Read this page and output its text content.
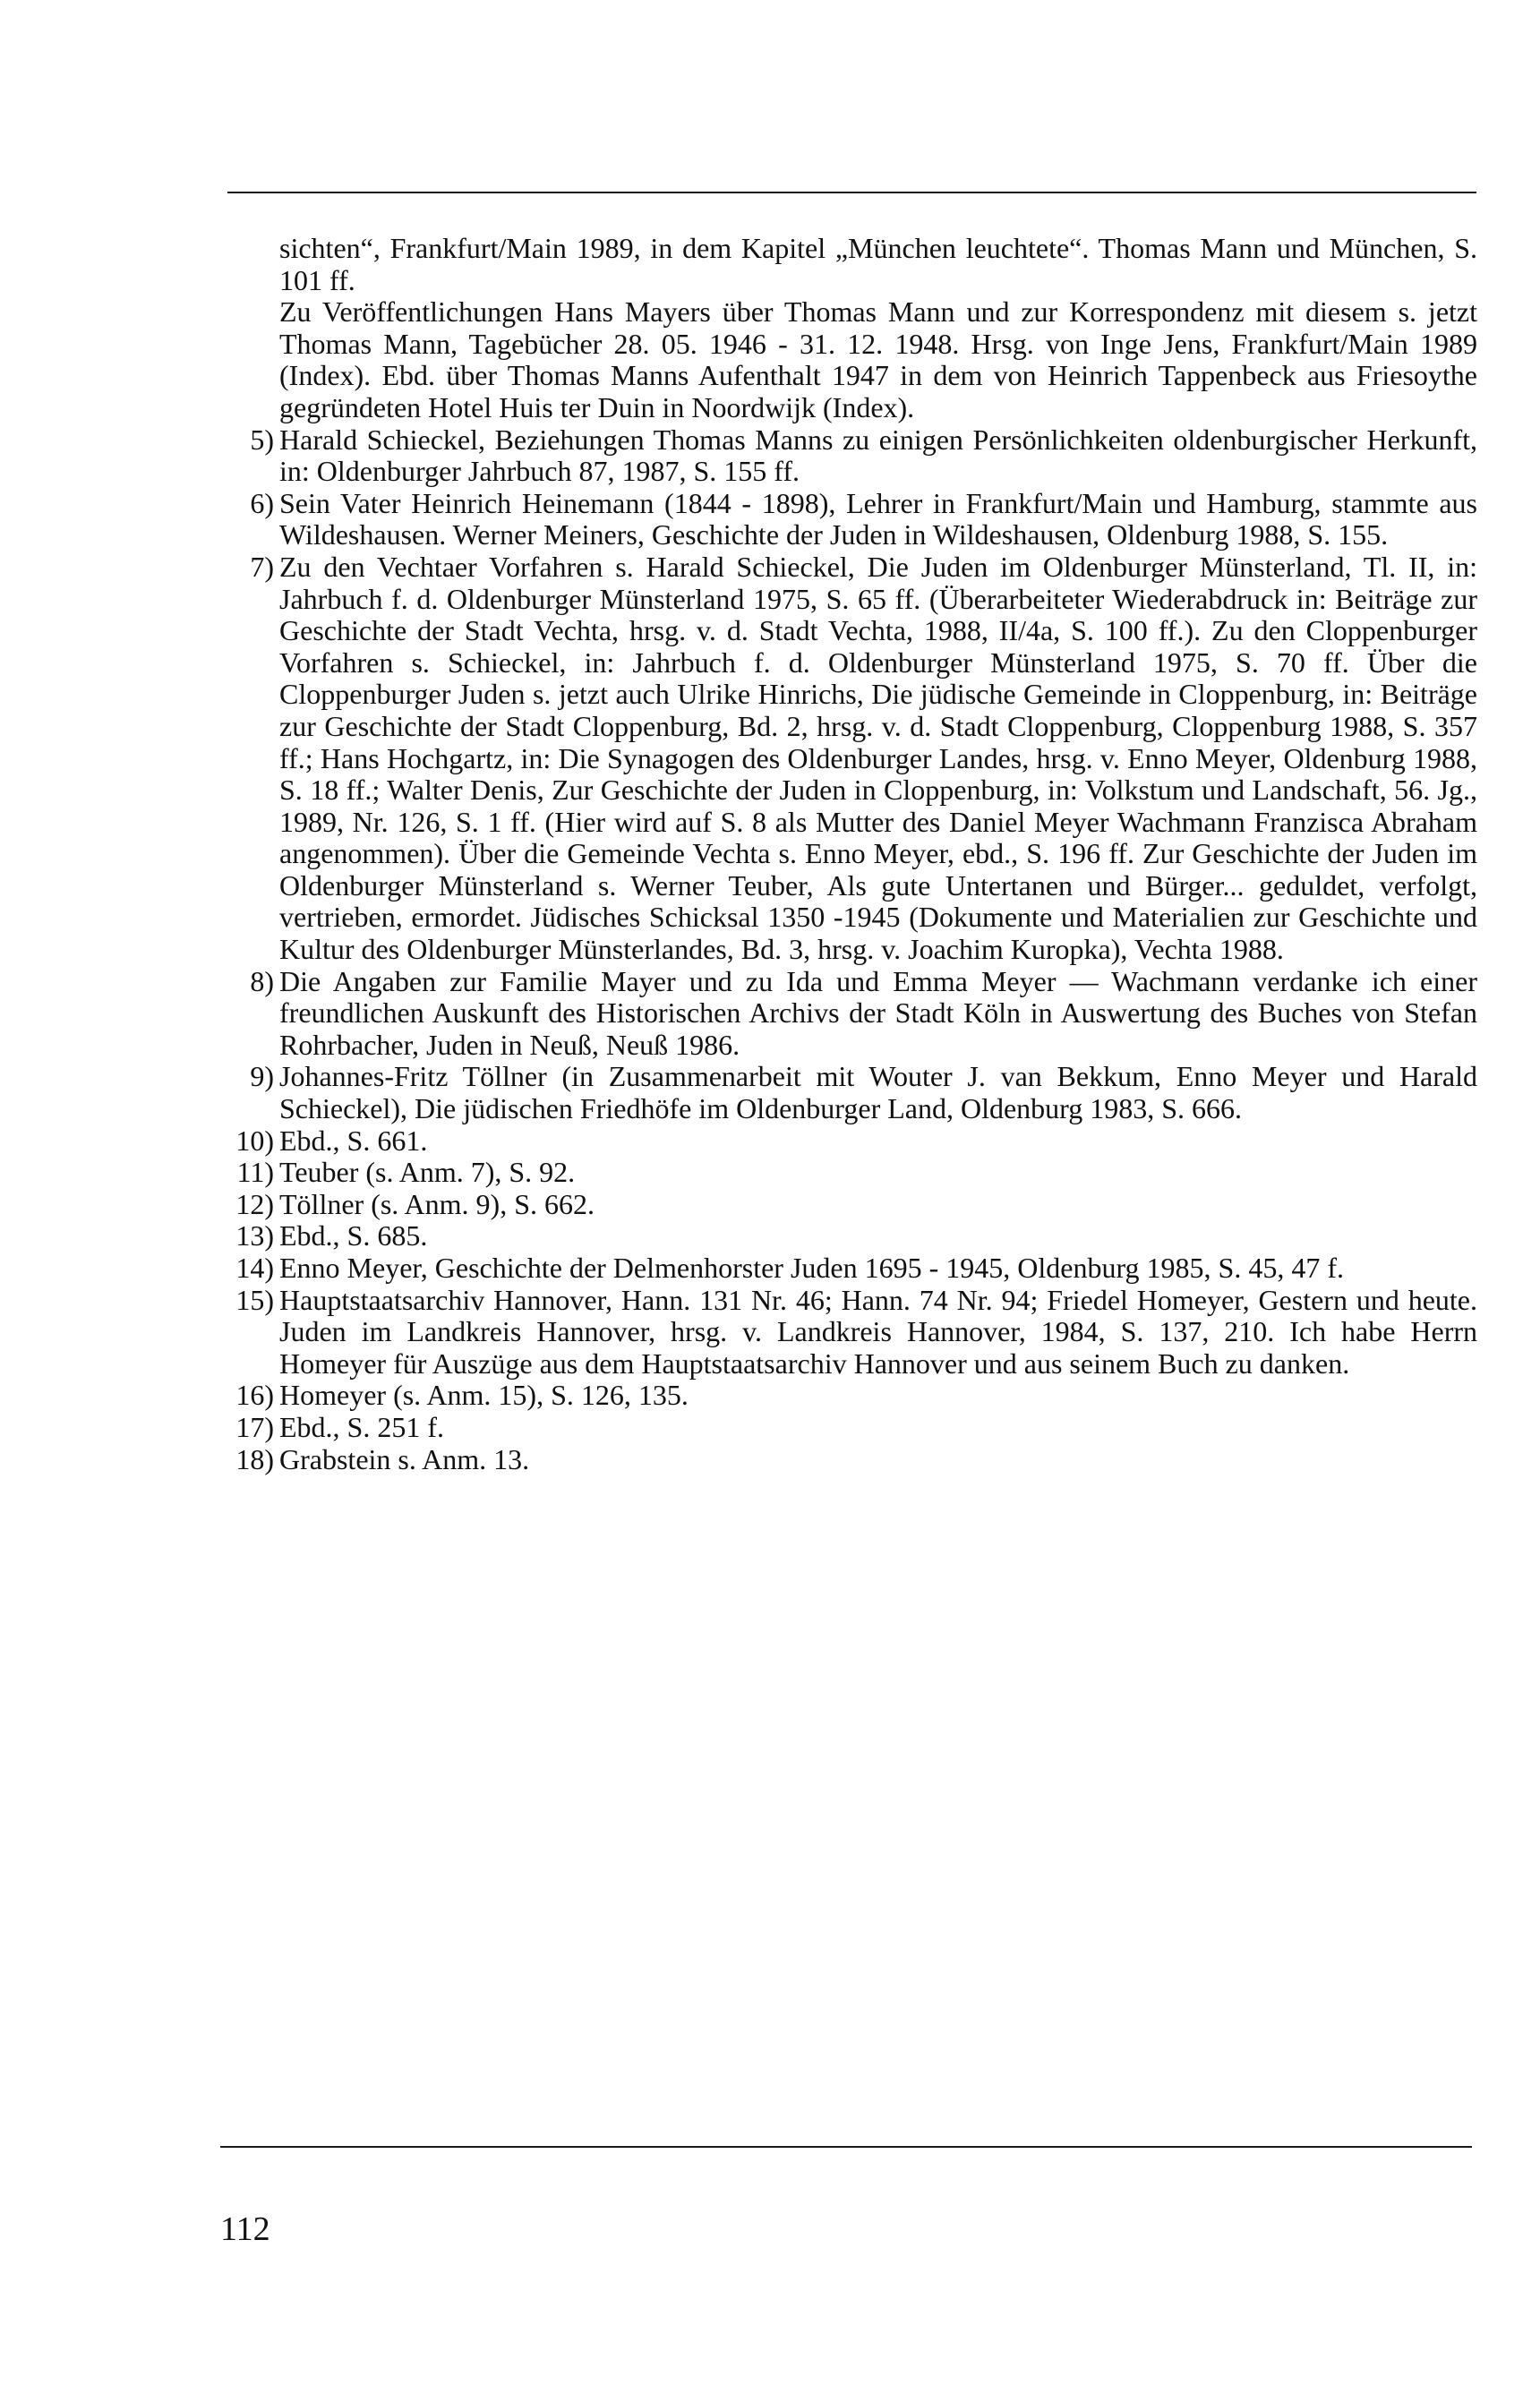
sichten“, Frankfurt/Main 1989, in dem Kapitel „München leuchtete“. Thomas Mann und München, S. 101 ff.
Zu Veröffentlichungen Hans Mayers über Thomas Mann und zur Korrespondenz mit diesem s. jetzt Thomas Mann, Tagebücher 28. 05. 1946 - 31. 12. 1948. Hrsg. von Inge Jens, Frankfurt/Main 1989 (Index). Ebd. über Thomas Manns Aufenthalt 1947 in dem von Heinrich Tappenbeck aus Friesoythe gegründeten Hotel Huis ter Duin in Noordwijk (Index).
5) Harald Schieckel, Beziehungen Thomas Manns zu einigen Persönlichkeiten oldenburgischer Herkunft, in: Oldenburger Jahrbuch 87, 1987, S. 155 ff.
6) Sein Vater Heinrich Heinemann (1844 - 1898), Lehrer in Frankfurt/Main und Hamburg, stammte aus Wildeshausen. Werner Meiners, Geschichte der Juden in Wildeshausen, Oldenburg 1988, S. 155.
7) Zu den Vechtaer Vorfahren s. Harald Schieckel, Die Juden im Oldenburger Münsterland, Tl. II, in: Jahrbuch f. d. Oldenburger Münsterland 1975, S. 65 ff. (Überarbeiteter Wiederabdruck in: Beiträge zur Geschichte der Stadt Vechta, hrsg. v. d. Stadt Vechta, 1988, II/4a, S. 100 ff.). Zu den Cloppenburger Vorfahren s. Schieckel, in: Jahrbuch f. d. Oldenburger Münsterland 1975, S. 70 ff. Über die Cloppenburger Juden s. jetzt auch Ulrike Hinrichs, Die jüdische Gemeinde in Cloppenburg, in: Beiträge zur Geschichte der Stadt Cloppenburg, Bd. 2, hrsg. v. d. Stadt Cloppenburg, Cloppenburg 1988, S. 357 ff.; Hans Hochgartz, in: Die Synagogen des Oldenburger Landes, hrsg. v. Enno Meyer, Oldenburg 1988, S. 18 ff.; Walter Denis, Zur Geschichte der Juden in Cloppenburg, in: Volkstum und Landschaft, 56. Jg., 1989, Nr. 126, S. 1 ff. (Hier wird auf S. 8 als Mutter des Daniel Meyer Wachmann Franzisca Abraham angenommen). Über die Gemeinde Vechta s. Enno Meyer, ebd., S. 196 ff. Zur Geschichte der Juden im Oldenburger Münsterland s. Werner Teuber, Als gute Untertanen und Bürger... geduldet, verfolgt, vertrieben, ermordet. Jüdisches Schicksal 1350 -1945 (Dokumente und Materialien zur Geschichte und Kultur des Oldenburger Münsterlandes, Bd. 3, hrsg. v. Joachim Kuropka), Vechta 1988.
8) Die Angaben zur Familie Mayer und zu Ida und Emma Meyer — Wachmann verdanke ich einer freundlichen Auskunft des Historischen Archivs der Stadt Köln in Auswertung des Buches von Stefan Rohrbacher, Juden in Neuß, Neuß 1986.
9) Johannes-Fritz Töllner (in Zusammenarbeit mit Wouter J. van Bekkum, Enno Meyer und Harald Schieckel), Die jüdischen Friedhöfe im Oldenburger Land, Oldenburg 1983, S. 666.
10) Ebd., S. 661.
11) Teuber (s. Anm. 7), S. 92.
12) Töllner (s. Anm. 9), S. 662.
13) Ebd., S. 685.
14) Enno Meyer, Geschichte der Delmenhorster Juden 1695 - 1945, Oldenburg 1985, S. 45, 47 f.
15) Hauptstaatsarchiv Hannover, Hann. 131 Nr. 46; Hann. 74 Nr. 94; Friedel Homeyer, Gestern und heute. Juden im Landkreis Hannover, hrsg. v. Landkreis Hannover, 1984, S. 137, 210. Ich habe Herrn Homeyer für Auszüge aus dem Hauptstaatsarchiv Hannover und aus seinem Buch zu danken.
16) Homeyer (s. Anm. 15), S. 126, 135.
17) Ebd., S. 251 f.
18) Grabstein s. Anm. 13.
112
